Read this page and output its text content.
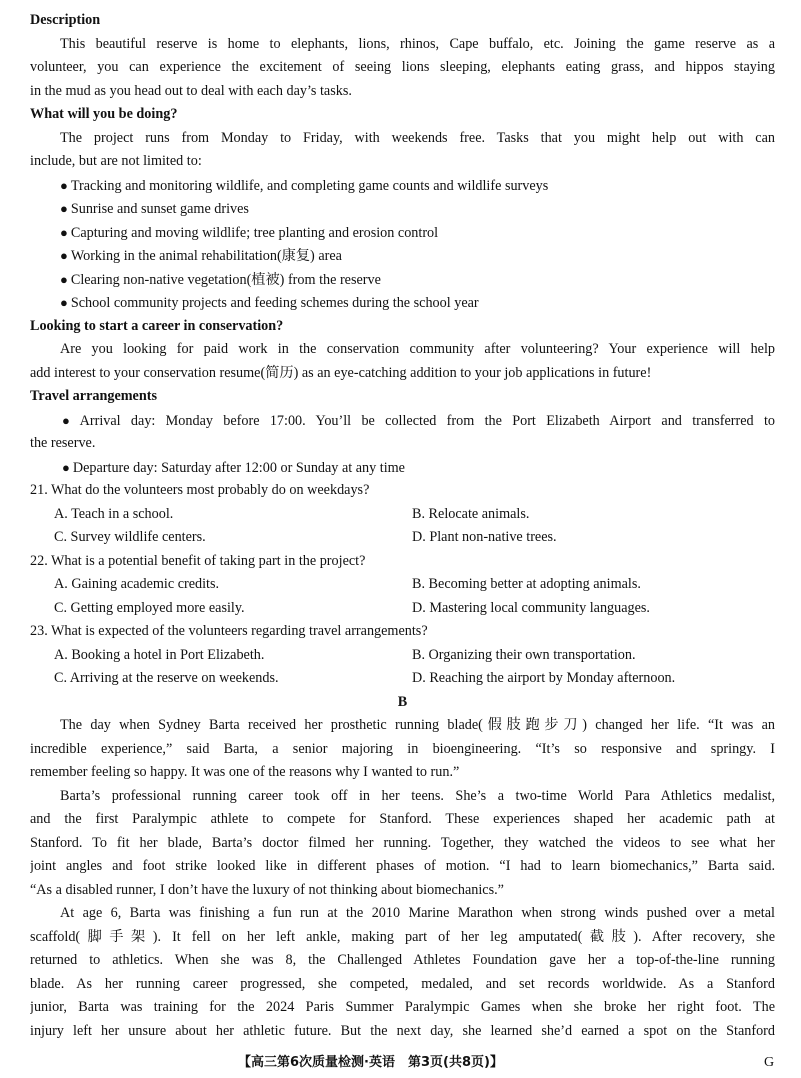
Description
This beautiful reserve is home to elephants, lions, rhinos, Cape buffalo, etc. Joining the game reserve as a
volunteer, you can experience the excitement of seeing lions sleeping, elephants eating grass, and hippos staying
in the mud as you head out to deal with each day’s tasks.
What will you be doing?
The project runs from Monday to Friday, with weekends free. Tasks that you might help out with can
include, but are not limited to:
● Tracking and monitoring wildlife, and completing game counts and wildlife surveys
● Sunrise and sunset game drives
● Capturing and moving wildlife; tree planting and erosion control
● Working in the animal rehabilitation(康复) area
● Clearing non-native vegetation(植被) from the reserve
● School community projects and feeding schemes during the school year
Looking to start a career in conservation?
Are you looking for paid work in the conservation community after volunteering? Your experience will help
add interest to your conservation resume(简历) as an eye-catching addition to your job applications in future!
Travel arrangements
● Arrival day: Monday before 17:00. You’ll be collected from the Port Elizabeth Airport and transferred to
the reserve.
● Departure day: Saturday after 12:00 or Sunday at any time
21. What do the volunteers most probably do on weekdays?
A. Teach in a school.	B. Relocate animals.
C. Survey wildlife centers.	D. Plant non-native trees.
22. What is a potential benefit of taking part in the project?
A. Gaining academic credits.	B. Becoming better at adopting animals.
C. Getting employed more easily.	D. Mastering local community languages.
23. What is expected of the volunteers regarding travel arrangements?
A. Booking a hotel in Port Elizabeth.	B. Organizing their own transportation.
C. Arriving at the reserve on weekends.	D. Reaching the airport by Monday afternoon.
B
The day when Sydney Barta received her prosthetic running blade(假肢跑步刀) changed her life. “It was an
incredible experience,” said Barta, a senior majoring in bioengineering. “It’s so responsive and springy. I
remember feeling so happy. It was one of the reasons why I wanted to run.”
Barta’s professional running career took off in her teens. She’s a two-time World Para Athletics medalist,
and the first Paralympic athlete to compete for Stanford. These experiences shaped her academic path at
Stanford. To fit her blade, Barta’s doctor filmed her running. Together, they watched the videos to see what her
joint angles and foot strike looked like in different phases of motion. “I had to learn biomechanics,” Barta said.
“As a disabled runner, I don’t have the luxury of not thinking about biomechanics.”
At age 6, Barta was finishing a fun run at the 2010 Marine Marathon when strong winds pushed over a metal
scaffold(脚手架). It fell on her left ankle, making part of her leg amputated(截肢). After recovery, she
returned to athletics. When she was 8, the Challenged Athletes Foundation gave her a top-of-the-line running
blade. As her running career progressed, she competed, medaled, and set records worldwide. As a Stanford
junior, Barta was training for the 2024 Paris Summer Paralympic Games when she broke her right foot. The
injury left her unsure about her athletic future. But the next day, she learned she’d earned a spot on the Stanford
【高三第6次质量检测·英语　第3页(共8页)】	G
